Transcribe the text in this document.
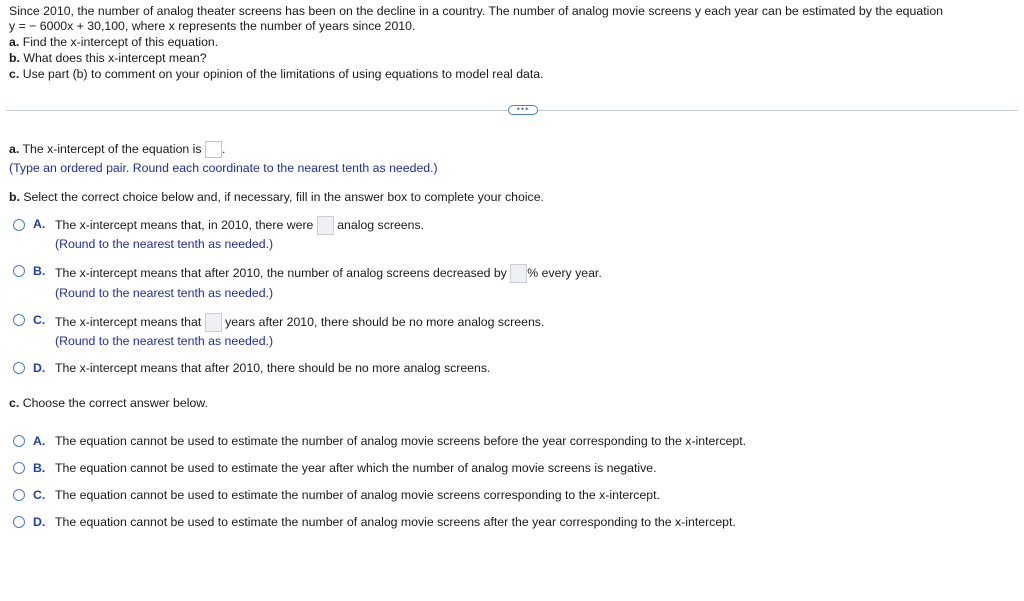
Since 2010, the number of analog theater screens has been on the decline in a country. The number of analog movie screens y each year can be estimated by the equation
y = − 6000x + 30,100, where x represents the number of years since 2010.
a. Find the x-intercept of this equation.
b. What does this x-intercept mean?
c. Use part (b) to comment on your opinion of the limitations of using equations to model real data.
•••
a. The x-intercept of the equation is .
(Type an ordered pair. Round each coordinate to the nearest tenth as needed.)
b. Select the correct choice below and, if necessary, fill in the answer box to complete your choice.
A. The x-intercept means that, in 2010, there were analog screens.
(Round to the nearest tenth as needed.)
B. The x-intercept means that after 2010, the number of analog screens decreased by % every year.
(Round to the nearest tenth as needed.)
C. The x-intercept means that years after 2010, there should be no more analog screens.
(Round to the nearest tenth as needed.)
D. The x-intercept means that after 2010, there should be no more analog screens.
c. Choose the correct answer below.
A. The equation cannot be used to estimate the number of analog movie screens before the year corresponding to the x-intercept.
B. The equation cannot be used to estimate the year after which the number of analog movie screens is negative.
C. The equation cannot be used to estimate the number of analog movie screens corresponding to the x-intercept.
D. The equation cannot be used to estimate the number of analog movie screens after the year corresponding to the x-intercept.
